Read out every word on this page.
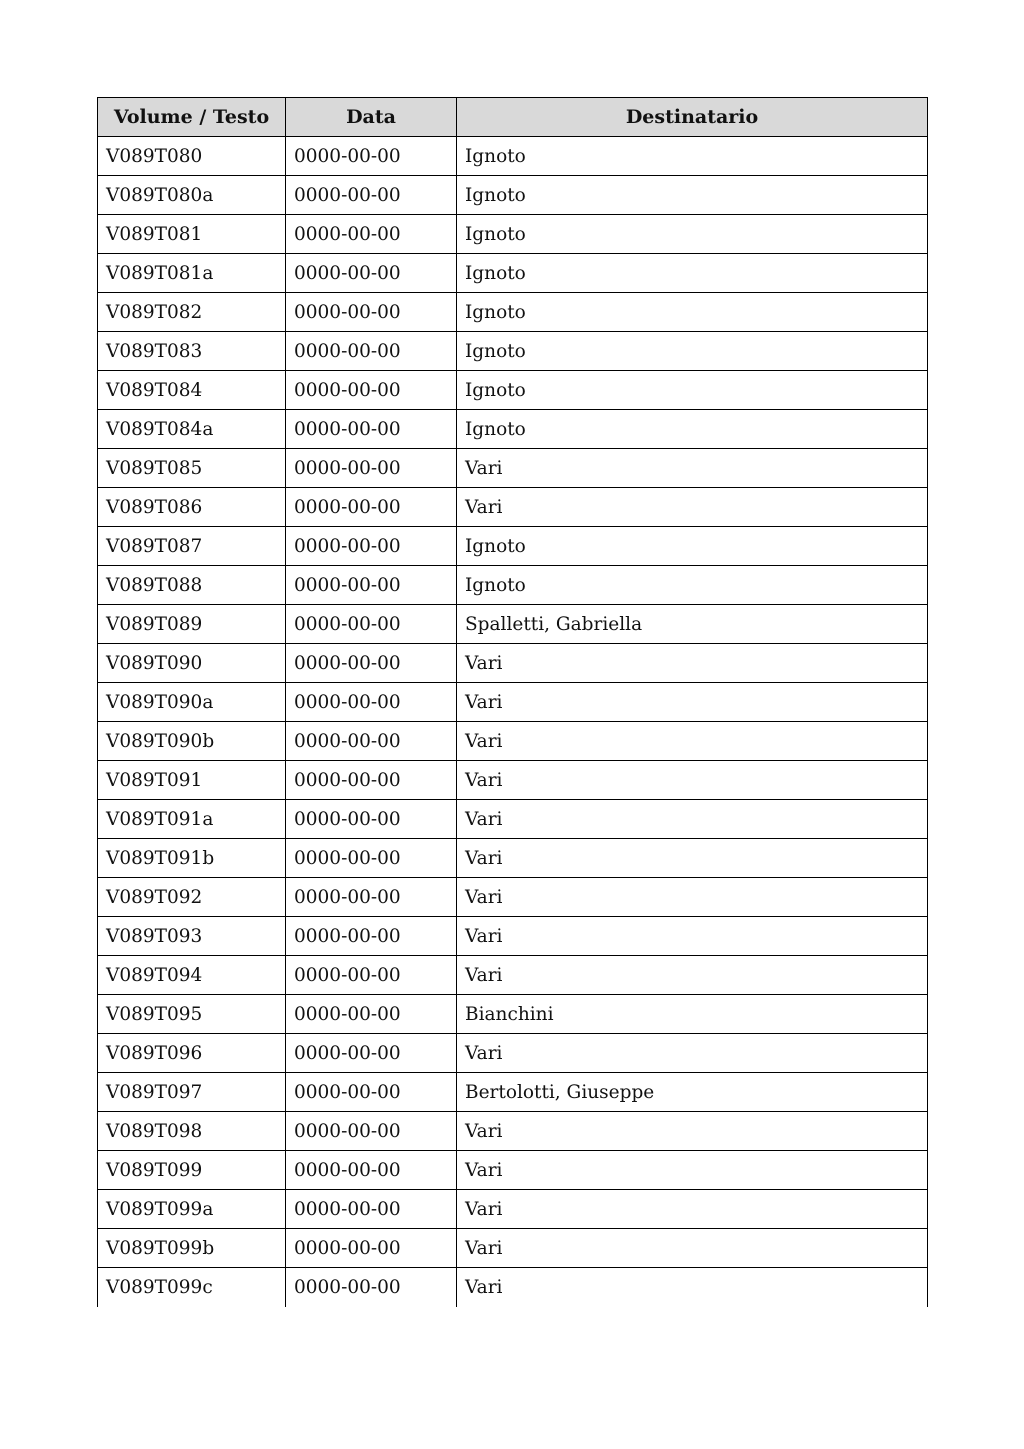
Volume / Testo	Data	Destinatario
V089T080	0000-00-00	Ignoto
V089T080a	0000-00-00	Ignoto
V089T081	0000-00-00	Ignoto
V089T081a	0000-00-00	Ignoto
V089T082	0000-00-00	Ignoto
V089T083	0000-00-00	Ignoto
V089T084	0000-00-00	Ignoto
V089T084a	0000-00-00	Ignoto
V089T085	0000-00-00	Vari
V089T086	0000-00-00	Vari
V089T087	0000-00-00	Ignoto
V089T088	0000-00-00	Ignoto
V089T089	0000-00-00	Spalletti, Gabriella
V089T090	0000-00-00	Vari
V089T090a	0000-00-00	Vari
V089T090b	0000-00-00	Vari
V089T091	0000-00-00	Vari
V089T091a	0000-00-00	Vari
V089T091b	0000-00-00	Vari
V089T092	0000-00-00	Vari
V089T093	0000-00-00	Vari
V089T094	0000-00-00	Vari
V089T095	0000-00-00	Bianchini
V089T096	0000-00-00	Vari
V089T097	0000-00-00	Bertolotti, Giuseppe
V089T098	0000-00-00	Vari
V089T099	0000-00-00	Vari
V089T099a	0000-00-00	Vari
V089T099b	0000-00-00	Vari
V089T099c	0000-00-00	Vari
